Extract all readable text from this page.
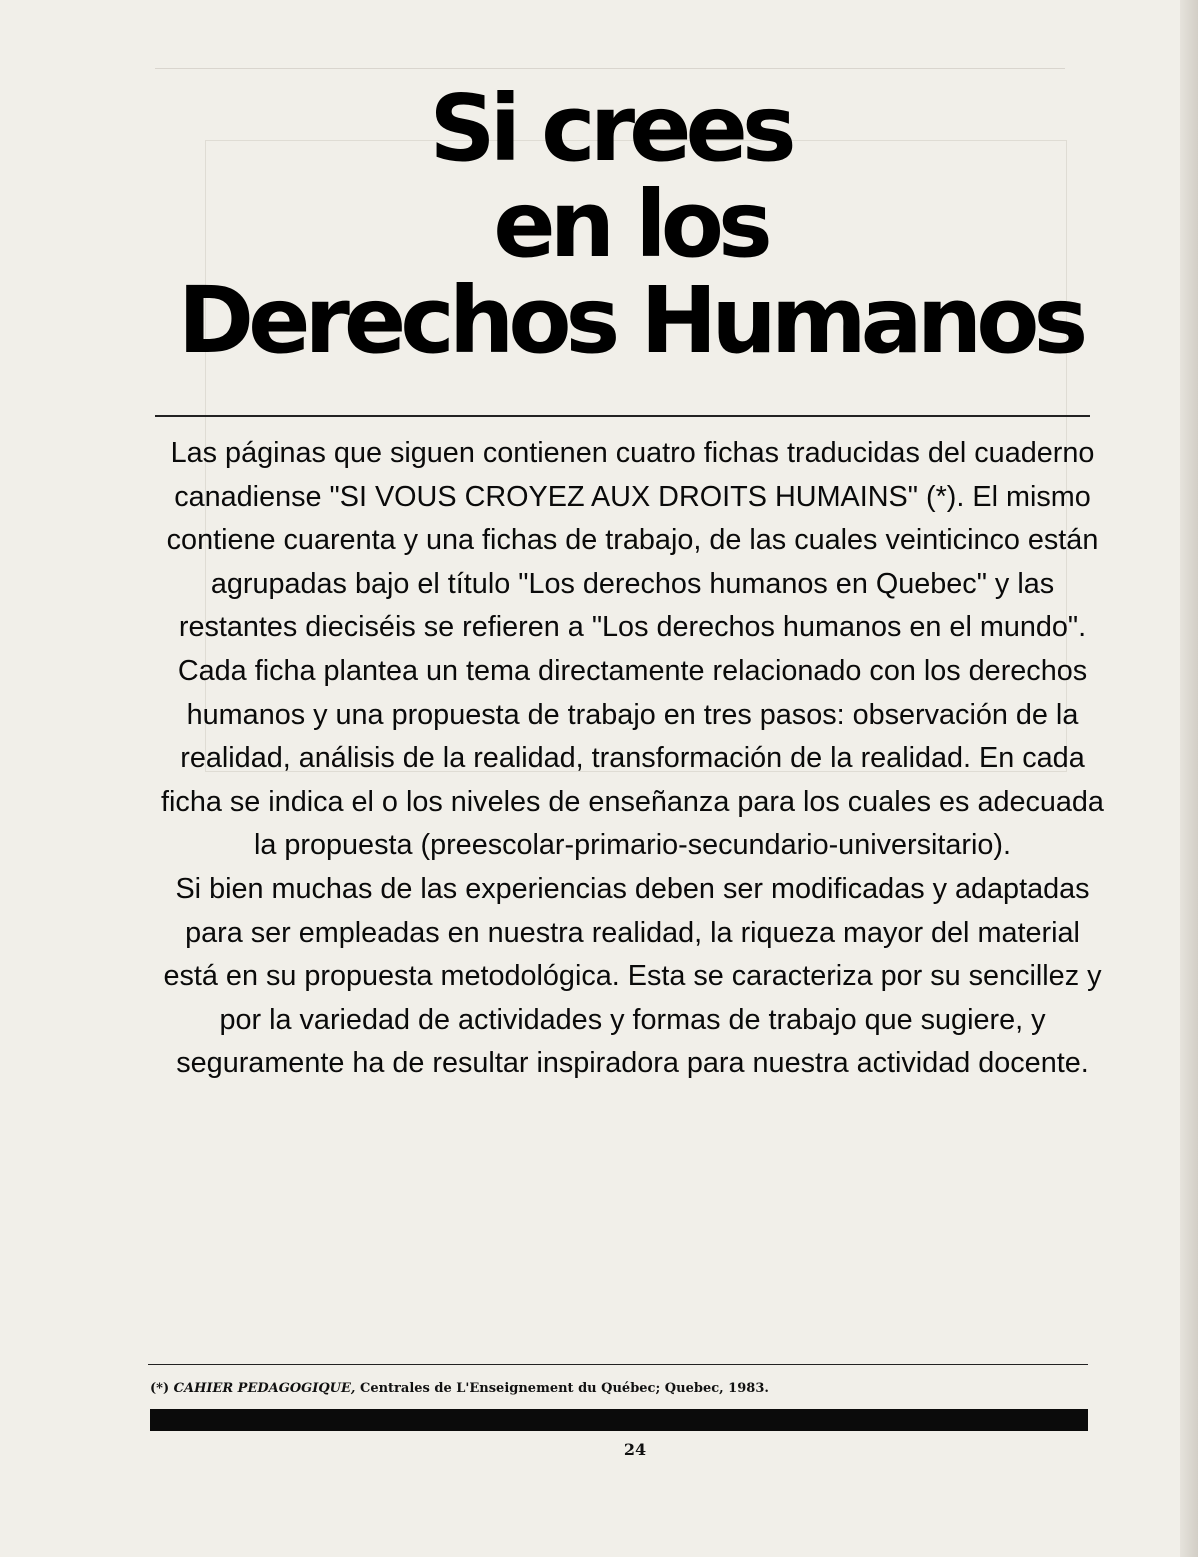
Si crees
en los
Derechos Humanos

Las páginas que siguen contienen cuatro fichas traducidas del cuaderno canadiense "SI VOUS CROYEZ AUX DROITS HUMAINS" (*). El mismo contiene cuarenta y una fichas de trabajo, de las cuales veinticinco están agrupadas bajo el título "Los derechos humanos en Quebec" y las restantes dieciséis se refieren a "Los derechos humanos en el mundo". Cada ficha plantea un tema directamente relacionado con los derechos humanos y una propuesta de trabajo en tres pasos: observación de la realidad, análisis de la realidad, transformación de la realidad. En cada ficha se indica el o los niveles de enseñanza para los cuales es adecuada la propuesta (preescolar-primario-secundario-universitario).

Si bien muchas de las experiencias deben ser modificadas y adaptadas para ser empleadas en nuestra realidad, la riqueza mayor del material está en su propuesta metodológica. Esta se caracteriza por su sencillez y por la variedad de actividades y formas de trabajo que sugiere, y seguramente ha de resultar inspiradora para nuestra actividad docente.

(*) CAHIER PEDAGOGIQUE, Centrales de L'Enseignement du Québec; Quebec, 1983.
24
